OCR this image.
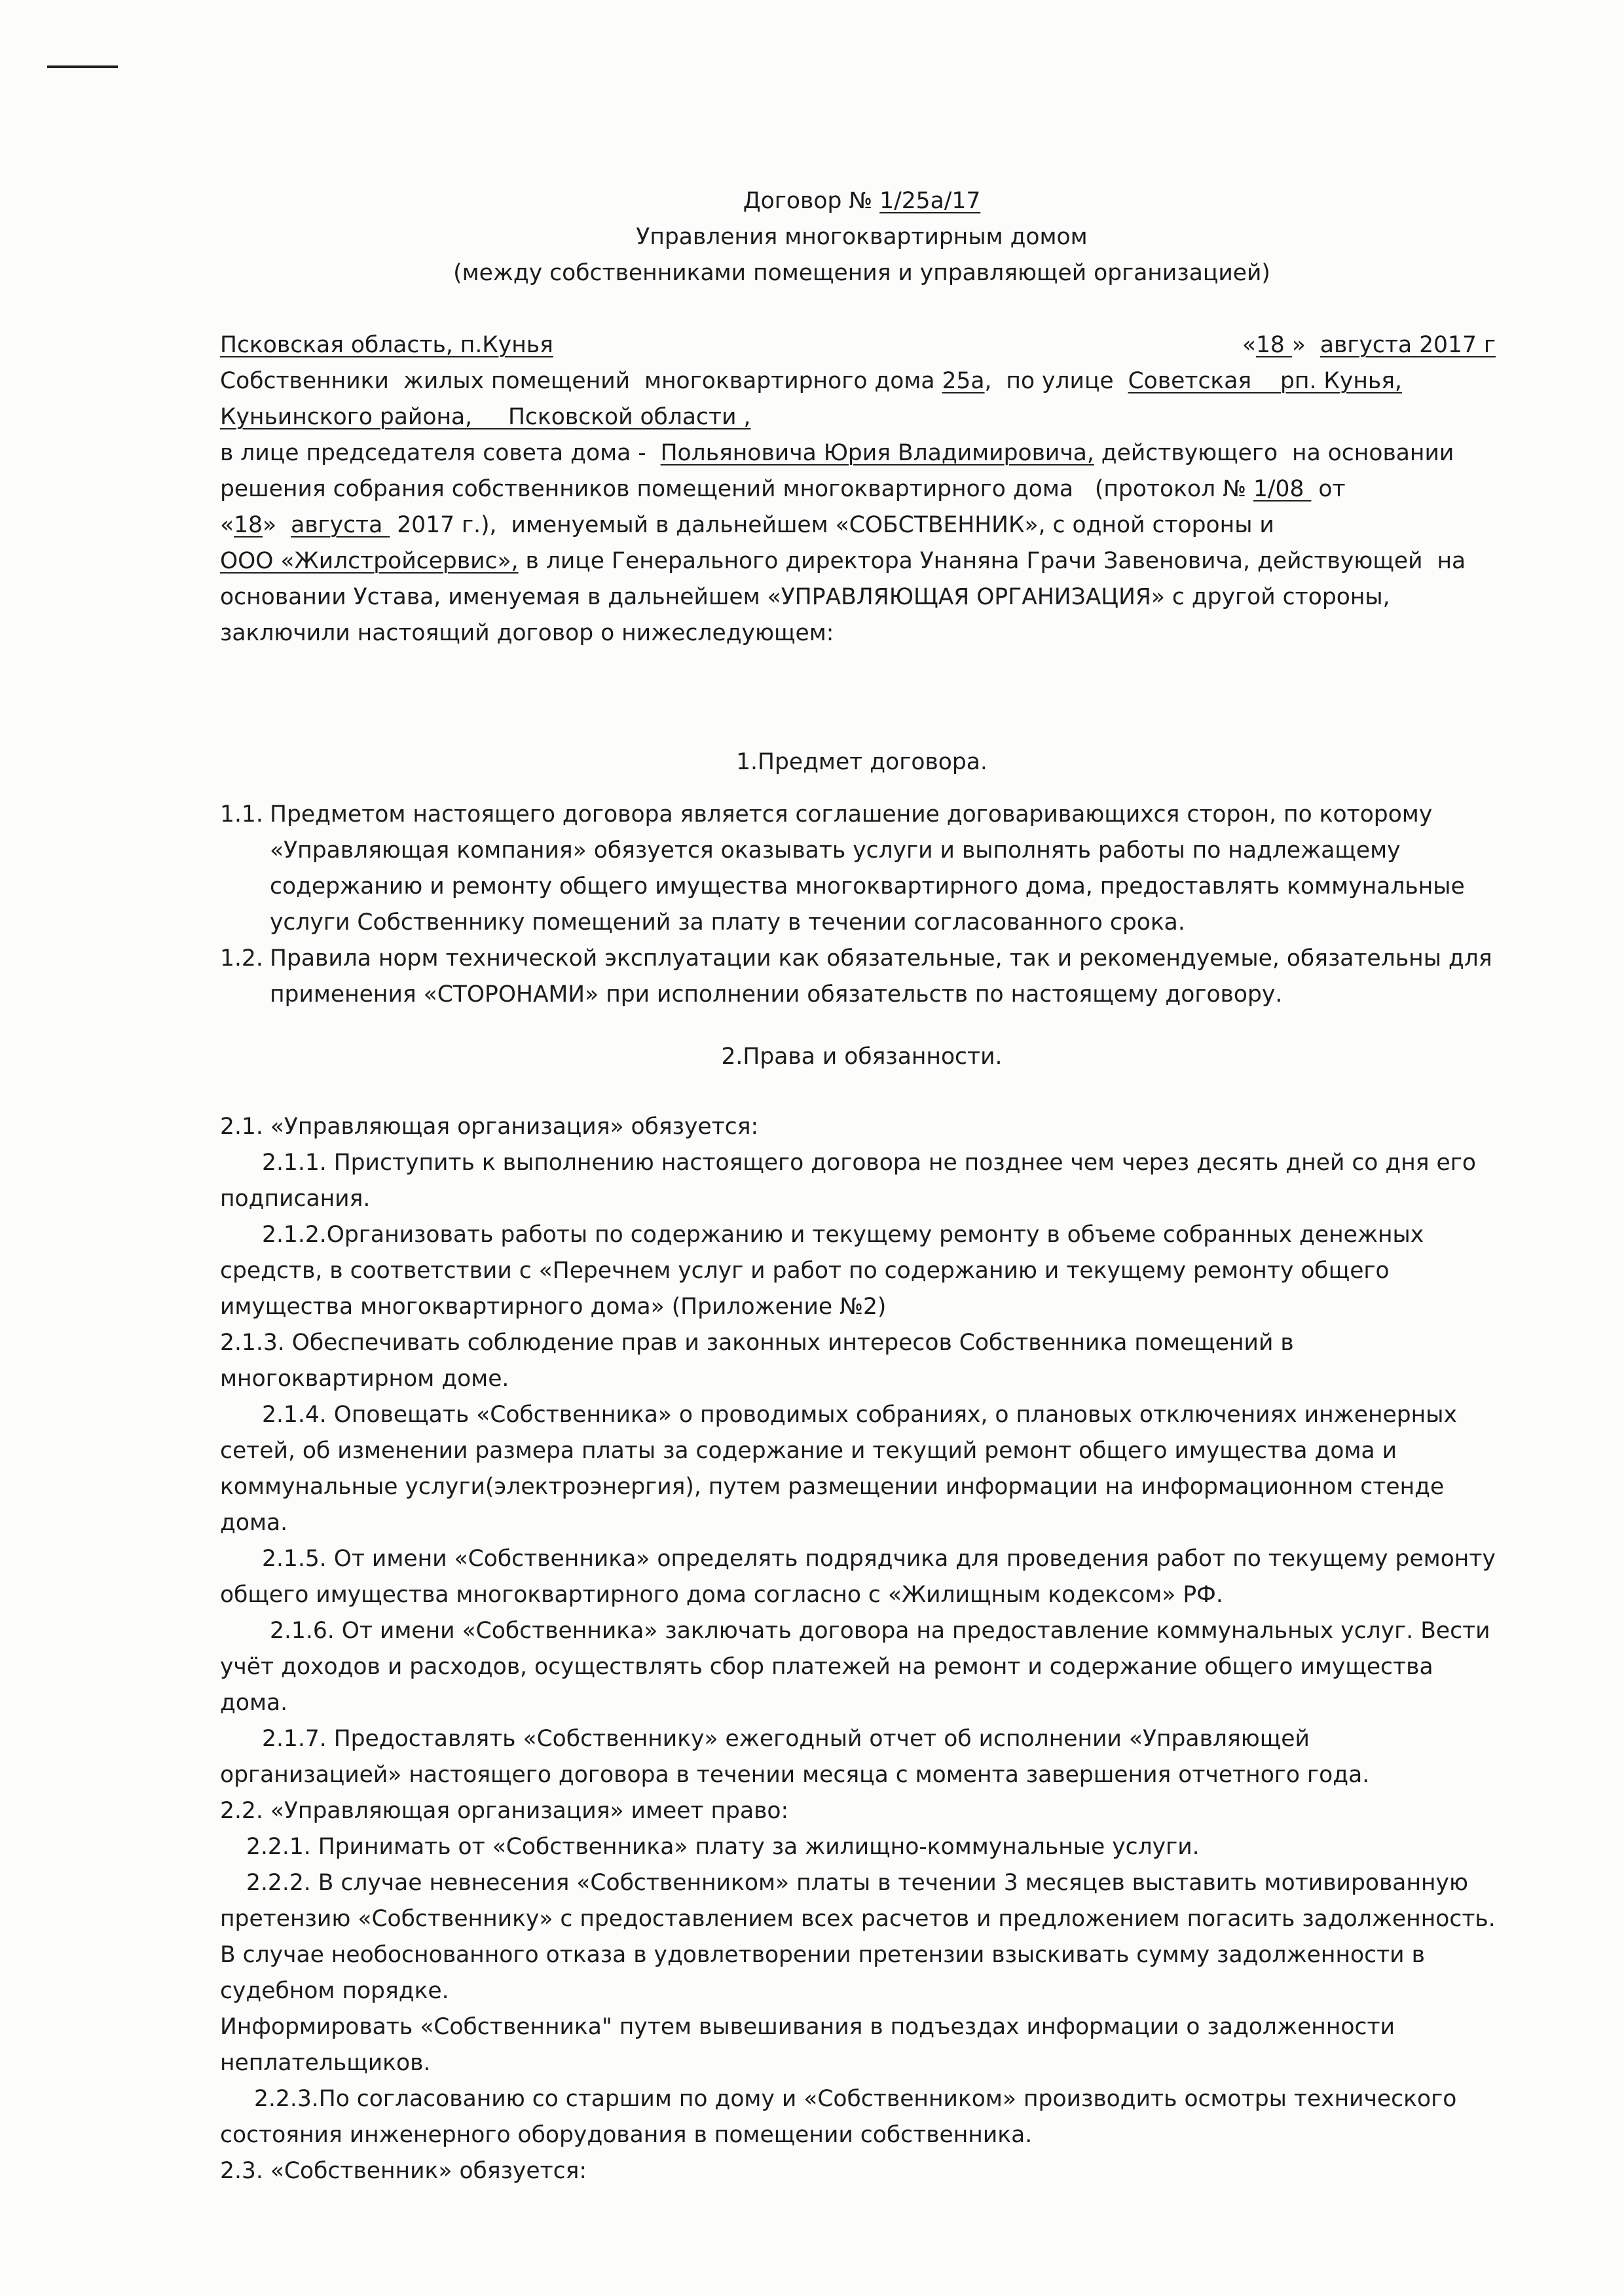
Договор № 1/25а/17

Управления многоквартирным домом

(между собственниками помещения и управляющей организацией)

Псковская область, п.Кунья	«18 »  августа 2017 г

Собственники  жилых помещений  многоквартирного дома 25а,  по улице  Советская    рп. Кунья,

Куньинского района,     Псковской области ,

в лице председателя совета дома -  Польяновича Юрия Владимировича, действующего  на основании

решения собрания собственников помещений многоквартирного дома   (протокол № 1/08  от

«18»  августа  2017 г.),  именуемый в дальнейшем «СОБСТВЕННИК», с одной стороны и

ООО «Жилстройсервис», в лице Генерального директора Унаняна Грачи Завеновича, действующей  на

основании Устава, именуемая в дальнейшем «УПРАВЛЯЮЩАЯ ОРГАНИЗАЦИЯ» с другой стороны,

заключили настоящий договор о нижеследующем:

1.Предмет договора.

1.1. Предметом настоящего договора является соглашение договаривающихся сторон, по которому
«Управляющая компания» обязуется оказывать услуги и выполнять работы по надлежащему
содержанию и ремонту общего имущества многоквартирного дома, предоставлять коммунальные
услуги Собственнику помещений за плату в течении согласованного срока.
1.2. Правила норм технической эксплуатации как обязательные, так и рекомендуемые, обязательны для
применения «СТОРОНАМИ» при исполнении обязательств по настоящему договору.

2.Права и обязанности.

2.1. «Управляющая организация» обязуется:

2.1.1. Приступить к выполнению настоящего договора не позднее чем через десять дней со дня его

подписания.

2.1.2.Организовать работы по содержанию и текущему ремонту в объеме собранных денежных

средств, в соответствии с «Перечнем услуг и работ по содержанию и текущему ремонту общего

имущества многоквартирного дома» (Приложение №2)

2.1.3. Обеспечивать соблюдение прав и законных интересов Собственника помещений в

многоквартирном доме.

2.1.4. Оповещать «Собственника» о проводимых собраниях, о плановых отключениях инженерных

сетей, об изменении размера платы за содержание и текущий ремонт общего имущества дома и

коммунальные услуги(электроэнергия), путем размещении информации на информационном стенде

дома.

2.1.5. От имени «Собственника» определять подрядчика для проведения работ по текущему ремонту

общего имущества многоквартирного дома согласно с «Жилищным кодексом» РФ.

2.1.6. От имени «Собственника» заключать договора на предоставление коммунальных услуг. Вести

учёт доходов и расходов, осуществлять сбор платежей на ремонт и содержание общего имущества

дома.

2.1.7. Предоставлять «Собственнику» ежегодный отчет об исполнении «Управляющей

организацией» настоящего договора в течении месяца с момента завершения отчетного года.

2.2. «Управляющая организация» имеет право:

2.2.1. Принимать от «Собственника» плату за жилищно-коммунальные услуги.

2.2.2. В случае невнесения «Собственником» платы в течении 3 месяцев выставить мотивированную

претензию «Собственнику» с предоставлением всех расчетов и предложением погасить задолженность.

В случае необоснованного отказа в удовлетворении претензии взыскивать сумму задолженности в

судебном порядке.

Информировать «Собственника" путем вывешивания в подъездах информации о задолженности

неплательщиков.

2.2.3.По согласованию со старшим по дому и «Собственником» производить осмотры технического

состояния инженерного оборудования в помещении собственника.

2.3. «Собственник» обязуется:
